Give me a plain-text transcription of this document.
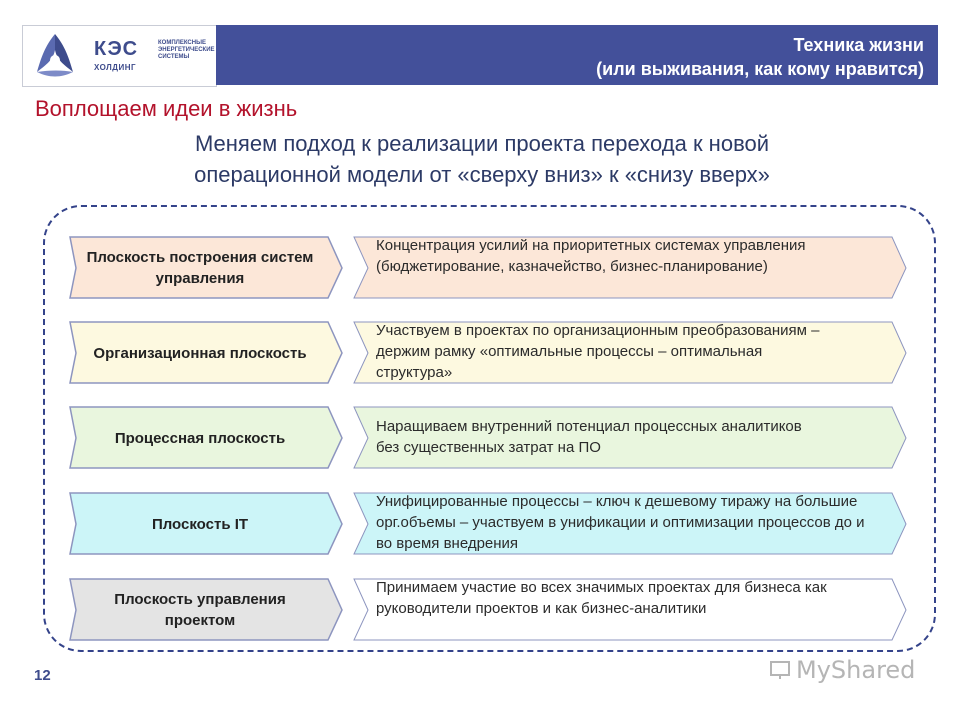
КЭС
ХОЛДИНГ
КОМПЛЕКСНЫЕ ЭНЕРГЕТИЧЕСКИЕ СИСТЕМЫ
Техника жизни
(или выживания, как кому нравится)
Воплощаем идеи в жизнь
Меняем подход к реализации проекта перехода к новой
операционной модели от «сверху вниз» к «снизу вверх»
Плоскость построения систем управления
Концентрация усилий на приоритетных системах управления (бюджетирование, казначейство, бизнес-планирование)
Организационная плоскость
Участвуем в проектах по организационным преобразованиям – держим рамку «оптимальные процессы – оптимальная структура»
Процессная плоскость
Наращиваем внутренний потенциал процессных аналитиков без существенных затрат на ПО
Плоскость IT
Унифицированные процессы – ключ к дешевому тиражу на большие орг.объемы – участвуем в унификации и оптимизации процессов до и во время внедрения
Плоскость управления проектом
Принимаем участие во всех значимых проектах для бизнеса как руководители проектов и как бизнес-аналитики
12	MyShared
